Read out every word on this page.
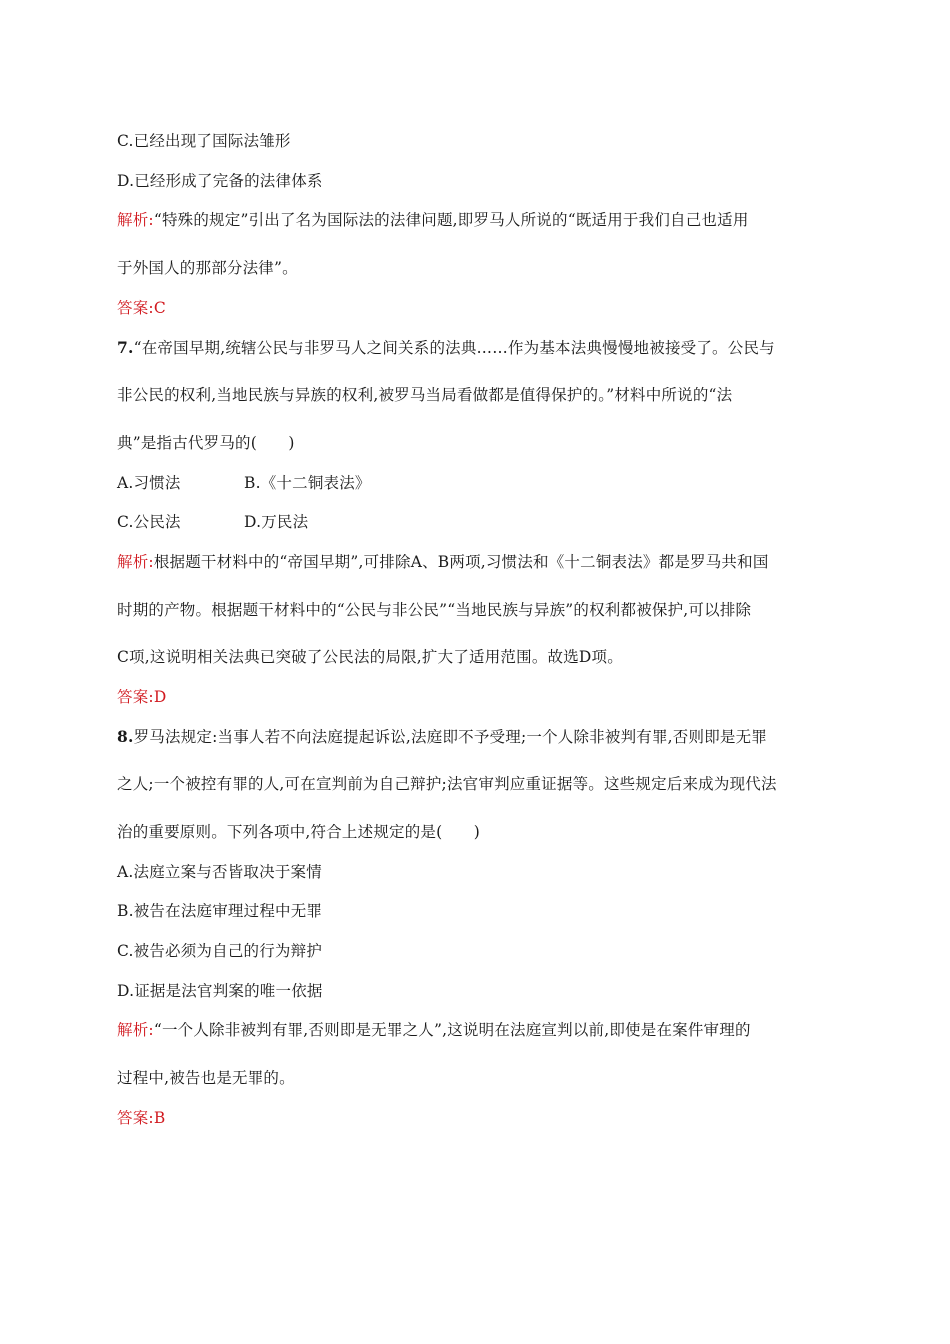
C.已经出现了国际法雏形
D.已经形成了完备的法律体系
解析:“特殊的规定”引出了名为国际法的法律问题,即罗马人所说的“既适用于我们自己也适用
于外国人的那部分法律”。
答案:C
7.“在帝国早期,统辖公民与非罗马人之间关系的法典……作为基本法典慢慢地被接受了。公民与
非公民的权利,当地民族与异族的权利,被罗马当局看做都是值得保护的。”材料中所说的“法
典”是指古代罗马的(　　)
A.习惯法	B.《十二铜表法》
C.公民法	D.万民法
解析:根据题干材料中的“帝国早期”,可排除A、B两项,习惯法和《十二铜表法》都是罗马共和国
时期的产物。根据题干材料中的“公民与非公民”“当地民族与异族”的权利都被保护,可以排除
C项,这说明相关法典已突破了公民法的局限,扩大了适用范围。故选D项。
答案:D
8.罗马法规定:当事人若不向法庭提起诉讼,法庭即不予受理;一个人除非被判有罪,否则即是无罪
之人;一个被控有罪的人,可在宣判前为自己辩护;法官审判应重证据等。这些规定后来成为现代法
治的重要原则。下列各项中,符合上述规定的是(　　)
A.法庭立案与否皆取决于案情
B.被告在法庭审理过程中无罪
C.被告必须为自己的行为辩护
D.证据是法官判案的唯一依据
解析:“一个人除非被判有罪,否则即是无罪之人”,这说明在法庭宣判以前,即使是在案件审理的
过程中,被告也是无罪的。
答案:B
